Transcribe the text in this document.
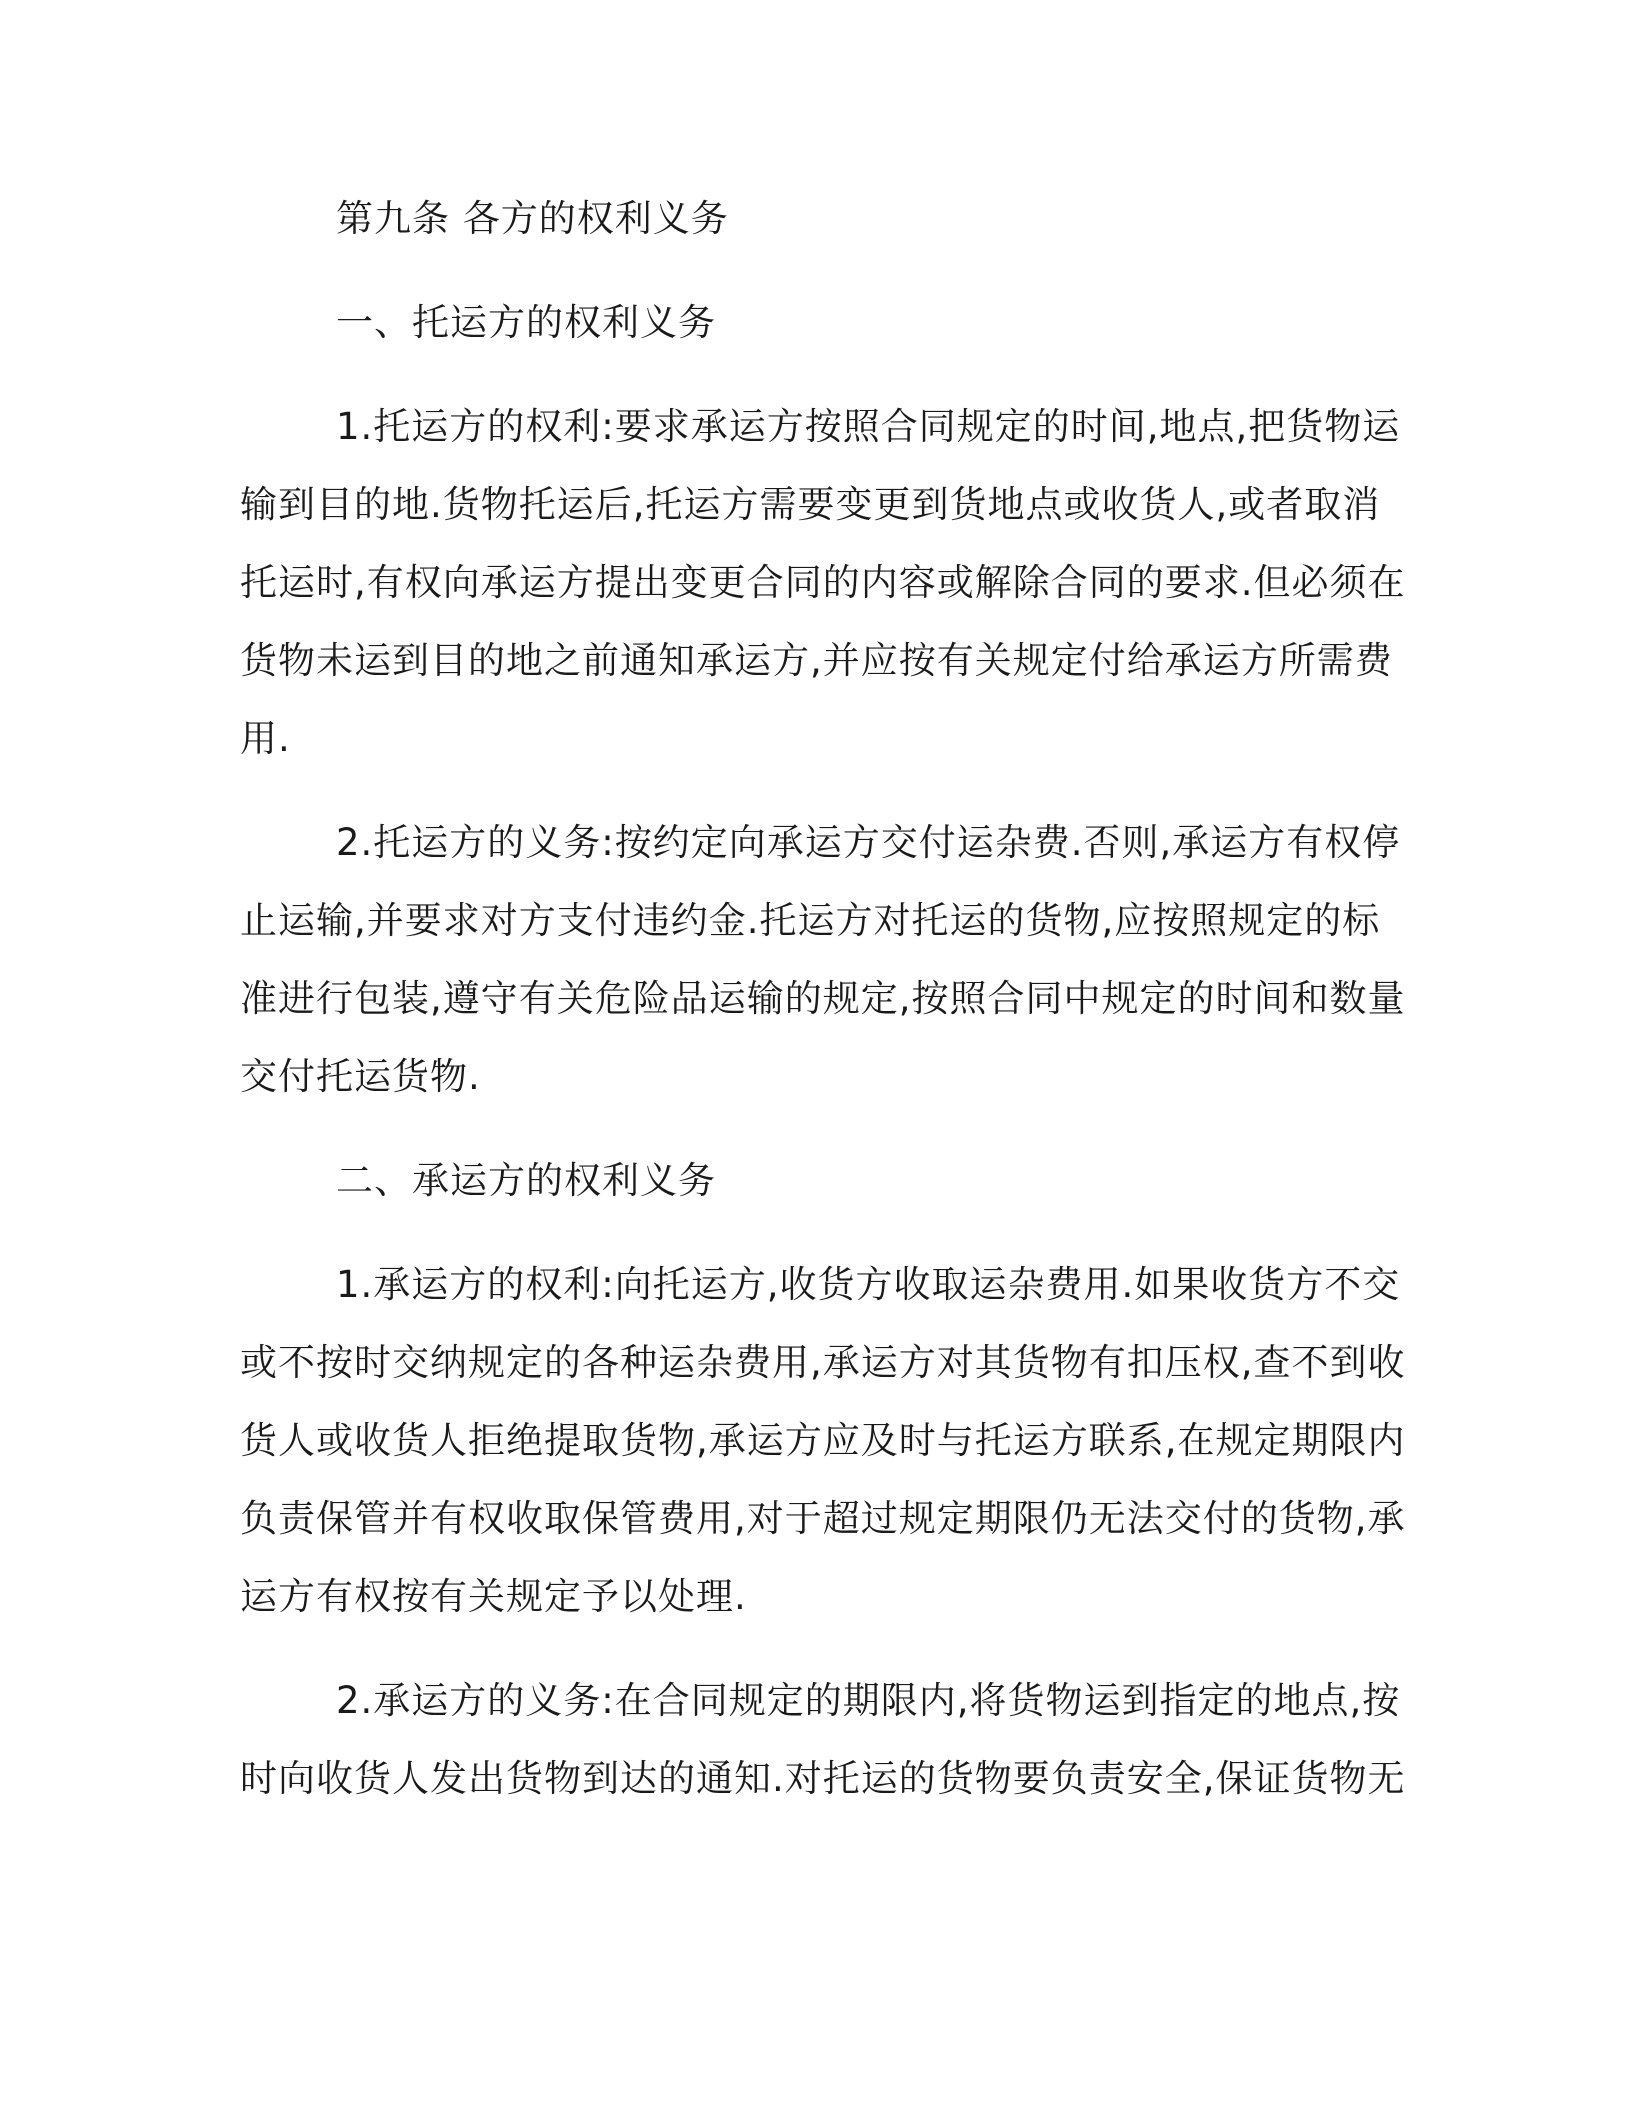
第九条 各方的权利义务
一、托运方的权利义务
1.托运方的权利:要求承运方按照合同规定的时间,地点,把货物运
输到目的地.货物托运后,托运方需要变更到货地点或收货人,或者取消
托运时,有权向承运方提出变更合同的内容或解除合同的要求.但必须在
货物未运到目的地之前通知承运方,并应按有关规定付给承运方所需费
用.
2.托运方的义务:按约定向承运方交付运杂费.否则,承运方有权停
止运输,并要求对方支付违约金.托运方对托运的货物,应按照规定的标
准进行包装,遵守有关危险品运输的规定,按照合同中规定的时间和数量
交付托运货物.
二、承运方的权利义务
1.承运方的权利:向托运方,收货方收取运杂费用.如果收货方不交
或不按时交纳规定的各种运杂费用,承运方对其货物有扣压权,查不到收
货人或收货人拒绝提取货物,承运方应及时与托运方联系,在规定期限内
负责保管并有权收取保管费用,对于超过规定期限仍无法交付的货物,承
运方有权按有关规定予以处理.
2.承运方的义务:在合同规定的期限内,将货物运到指定的地点,按
时向收货人发出货物到达的通知.对托运的货物要负责安全,保证货物无
